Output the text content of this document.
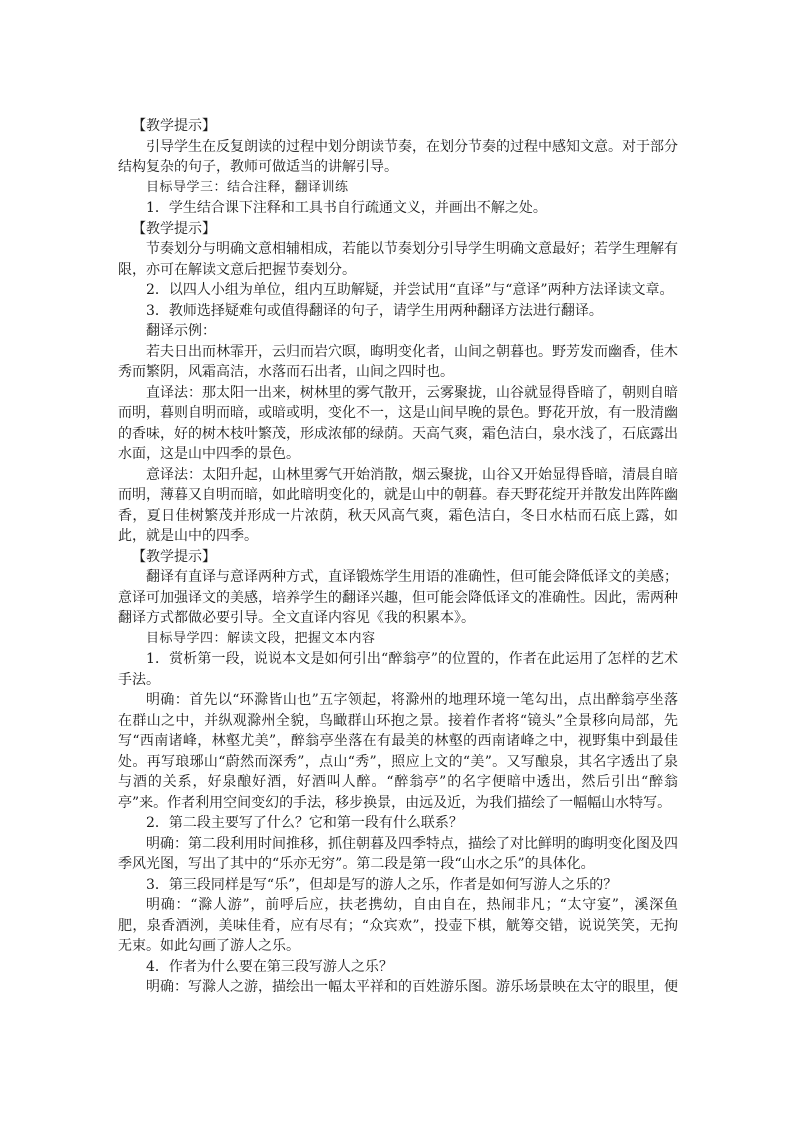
【教学提示】

引导学生在反复朗读的过程中划分朗读节奏，在划分节奏的过程中感知文意。对于部分结构复杂的句子，教师可做适当的讲解引导。

目标导学三：结合注释，翻译训练

1．学生结合课下注释和工具书自行疏通文义，并画出不解之处。

【教学提示】

节奏划分与明确文意相辅相成，若能以节奏划分引导学生明确文意最好；若学生理解有限，亦可在解读文意后把握节奏划分。

2．以四人小组为单位，组内互助解疑，并尝试用“直译”与“意译”两种方法译读文章。

3．教师选择疑难句或值得翻译的句子，请学生用两种翻译方法进行翻译。

翻译示例：

若夫日出而林霏开，云归而岩穴暝，晦明变化者，山间之朝暮也。野芳发而幽香，佳木秀而繁阴，风霜高洁，水落而石出者，山间之四时也。

直译法：那太阳一出来，树林里的雾气散开，云雾聚拢，山谷就显得昏暗了，朝则自暗而明，暮则自明而暗，或暗或明，变化不一，这是山间早晚的景色。野花开放，有一股清幽的香味，好的树木枝叶繁茂，形成浓郁的绿荫。天高气爽，霜色洁白，泉水浅了，石底露出水面，这是山中四季的景色。

意译法：太阳升起，山林里雾气开始消散，烟云聚拢，山谷又开始显得昏暗，清晨自暗而明，薄暮又自明而暗，如此暗明变化的，就是山中的朝暮。春天野花绽开并散发出阵阵幽香，夏日佳树繁茂并形成一片浓荫，秋天风高气爽，霜色洁白，冬日水枯而石底上露，如此，就是山中的四季。

【教学提示】

翻译有直译与意译两种方式，直译锻炼学生用语的准确性，但可能会降低译文的美感；意译可加强译文的美感，培养学生的翻译兴趣，但可能会降低译文的准确性。因此，需两种翻译方式都做必要引导。全文直译内容见《我的积累本》。

目标导学四：解读文段，把握文本内容

1．赏析第一段，说说本文是如何引出“醉翁亭”的位置的，作者在此运用了怎样的艺术手法。

明确：首先以“环滁皆山也”五字领起，将滁州的地理环境一笔勾出，点出醉翁亭坐落在群山之中，并纵观滁州全貌，鸟瞰群山环抱之景。接着作者将“镜头”全景移向局部，先写“西南诸峰，林壑尤美”，醉翁亭坐落在有最美的林壑的西南诸峰之中，视野集中到最佳处。再写琅琊山“蔚然而深秀”，点山“秀”，照应上文的“美”。又写酿泉，其名字透出了泉与酒的关系，好泉酿好酒，好酒叫人醉。“醉翁亭”的名字便暗中透出，然后引出“醉翁亭”来。作者利用空间变幻的手法，移步换景，由远及近，为我们描绘了一幅幅山水特写。

2．第二段主要写了什么？它和第一段有什么联系？

明确：第二段利用时间推移，抓住朝暮及四季特点，描绘了对比鲜明的晦明变化图及四季风光图，写出了其中的“乐亦无穷”。第二段是第一段“山水之乐”的具体化。

3．第三段同样是写“乐”，但却是写的游人之乐，作者是如何写游人之乐的？

明确：“滁人游”，前呼后应，扶老携幼，自由自在，热闹非凡；“太守宴”，溪深鱼肥，泉香酒洌，美味佳肴，应有尽有；“众宾欢”，投壶下棋，觥筹交错，说说笑笑，无拘无束。如此勾画了游人之乐。

4．作者为什么要在第三段写游人之乐？

明确：写滁人之游，描绘出一幅太平祥和的百姓游乐图。游乐场景映在太守的眼里，便
